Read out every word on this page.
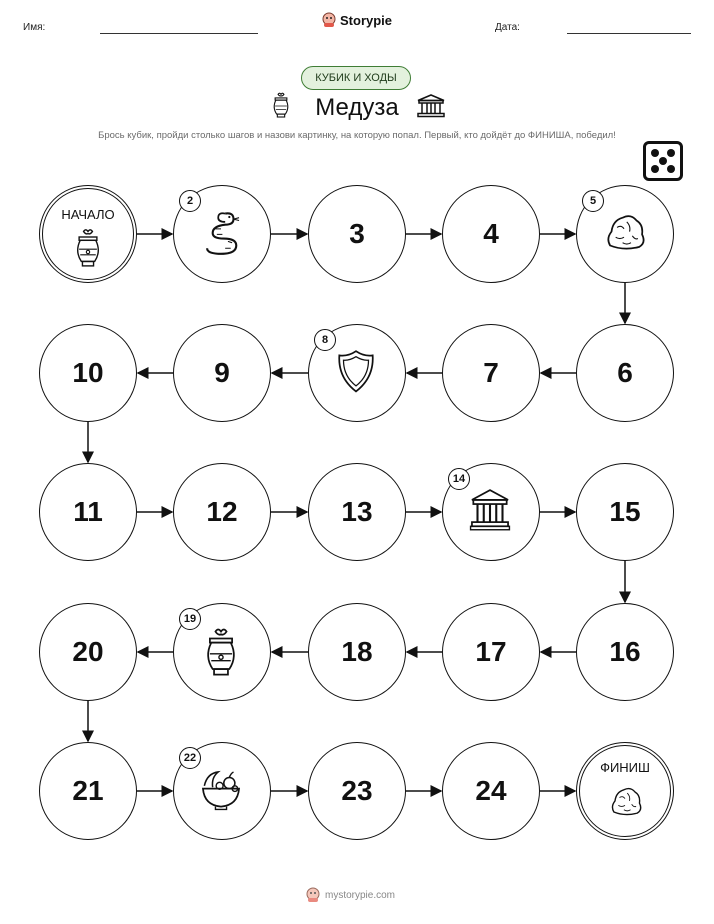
Имя:	Storypie	Дата:
КУБИК И ХОДЫ
Медуза
Брось кубик, пройди столько шагов и назови картинку, на которую попал. Первый, кто дойдёт до ФИНИША, победил!
НАЧАЛО
2
3	4
5
6
7
8
9
10
11	12	13
14
15
16
17
18
19
20
21
22
23	24
ФИНИШ
mystorypie.com
